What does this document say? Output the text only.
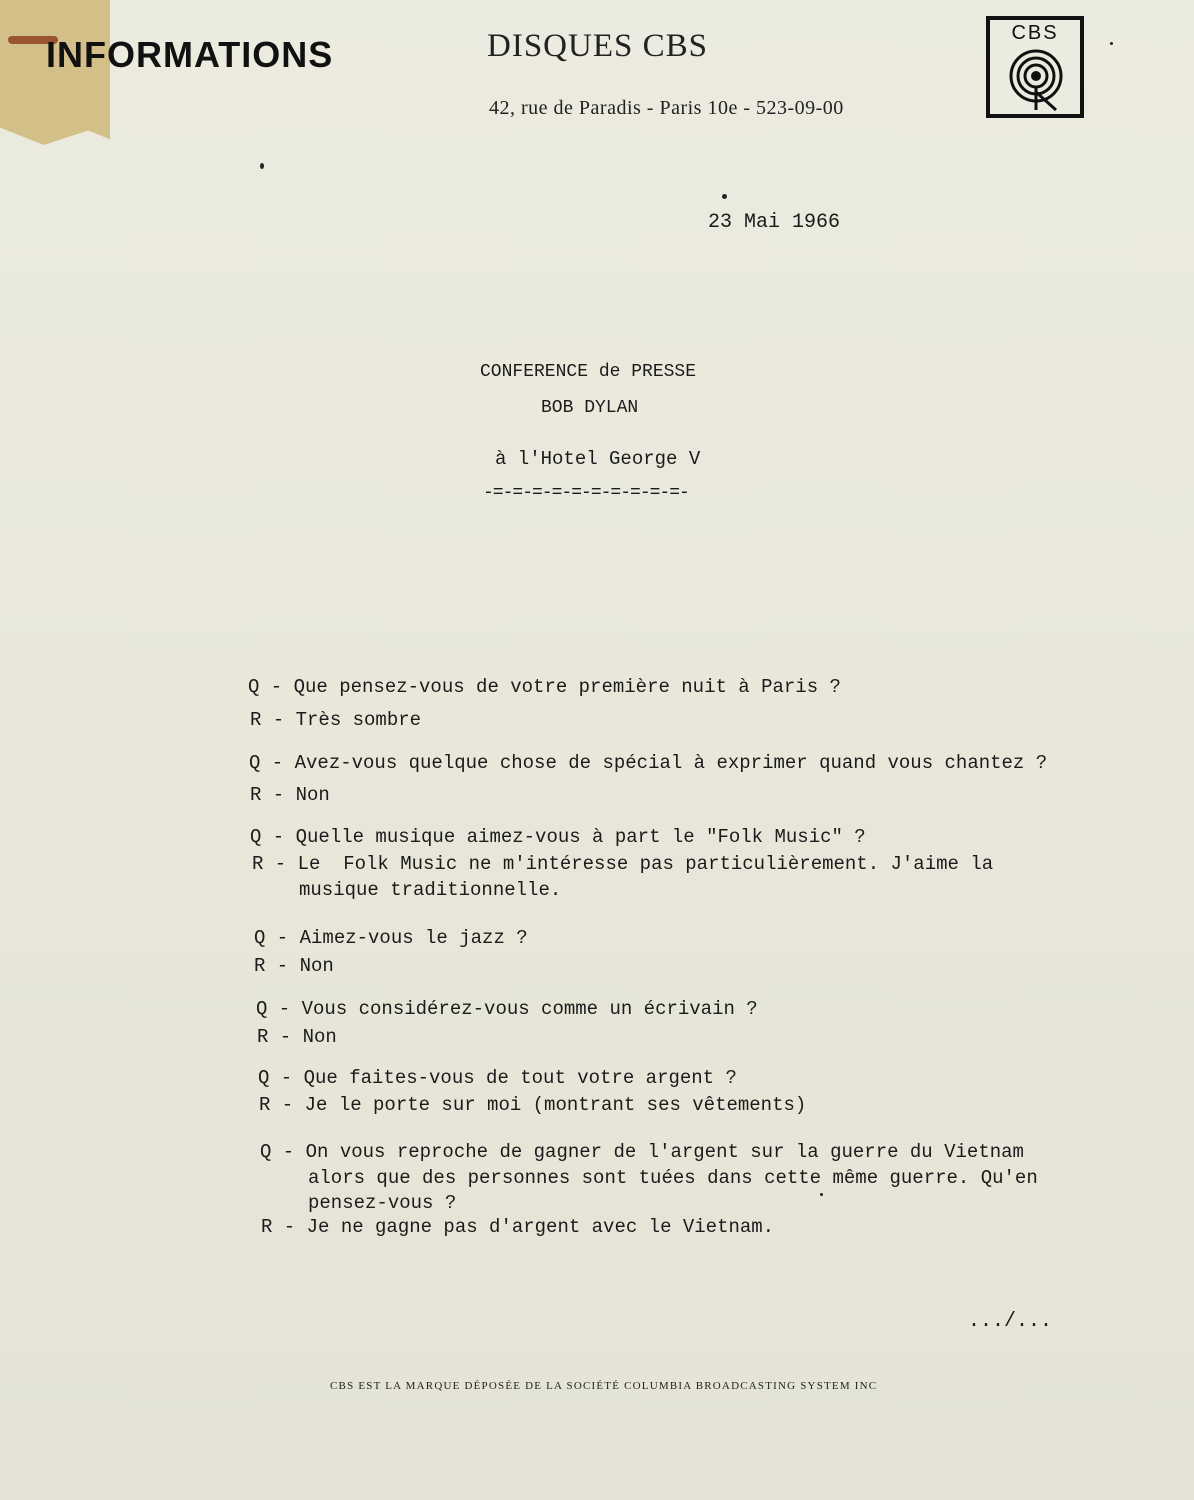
INFORMATIONS	DISQUES CBS
42, rue de Paradis - Paris 10e - 523-09-00
CBS
23 Mai 1966
CONFERENCE de PRESSE
BOB DYLAN
à l'Hotel George V
-=-=-=-=-=-=-=-=-=-=-
Q - Que pensez-vous de votre première nuit à Paris ?
R - Très sombre
Q - Avez-vous quelque chose de spécial à exprimer quand vous chantez ?
R - Non
Q - Quelle musique aimez-vous à part le "Folk Music" ?
R - Le  Folk Music ne m'intéresse pas particulièrement. J'aime la
musique traditionnelle.
Q - Aimez-vous le jazz ?
R - Non
Q - Vous considérez-vous comme un écrivain ?
R - Non
Q - Que faites-vous de tout votre argent ?
R - Je le porte sur moi (montrant ses vêtements)
Q - On vous reproche de gagner de l'argent sur la guerre du Vietnam
alors que des personnes sont tuées dans cette même guerre. Qu'en
pensez-vous ?
R - Je ne gagne pas d'argent avec le Vietnam.
.../...
CBS EST LA MARQUE DÉPOSÉE DE LA SOCIÉTÉ COLUMBIA BROADCASTING SYSTEM INC
